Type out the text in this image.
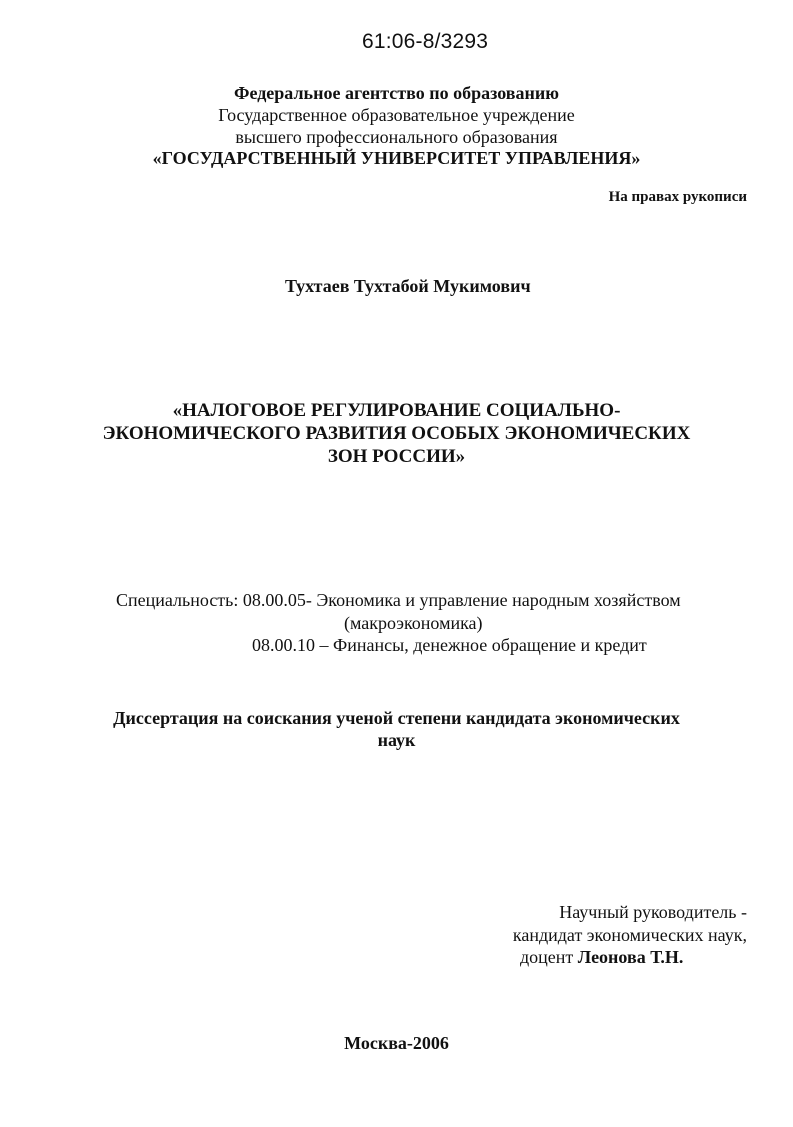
61:06-8/3293
Федеральное агентство по образованию
Государственное образовательное учреждение
высшего профессионального образования
«ГОСУДАРСТВЕННЫЙ УНИВЕРСИТЕТ УПРАВЛЕНИЯ»
На правах рукописи
Тухтаев Тухтабой Мукимович
«НАЛОГОВОЕ РЕГУЛИРОВАНИЕ СОЦИАЛЬНО-
ЭКОНОМИЧЕСКОГО РАЗВИТИЯ ОСОБЫХ ЭКОНОМИЧЕСКИХ
ЗОН РОССИИ»
Специальность: 08.00.05- Экономика и управление народным хозяйством
(макроэкономика)
08.00.10 – Финансы, денежное обращение и кредит
Диссертация на соискания ученой степени кандидата экономических
наук
Научный руководитель -
кандидат экономических наук,
доцент Леонова Т.Н.
Москва-2006
